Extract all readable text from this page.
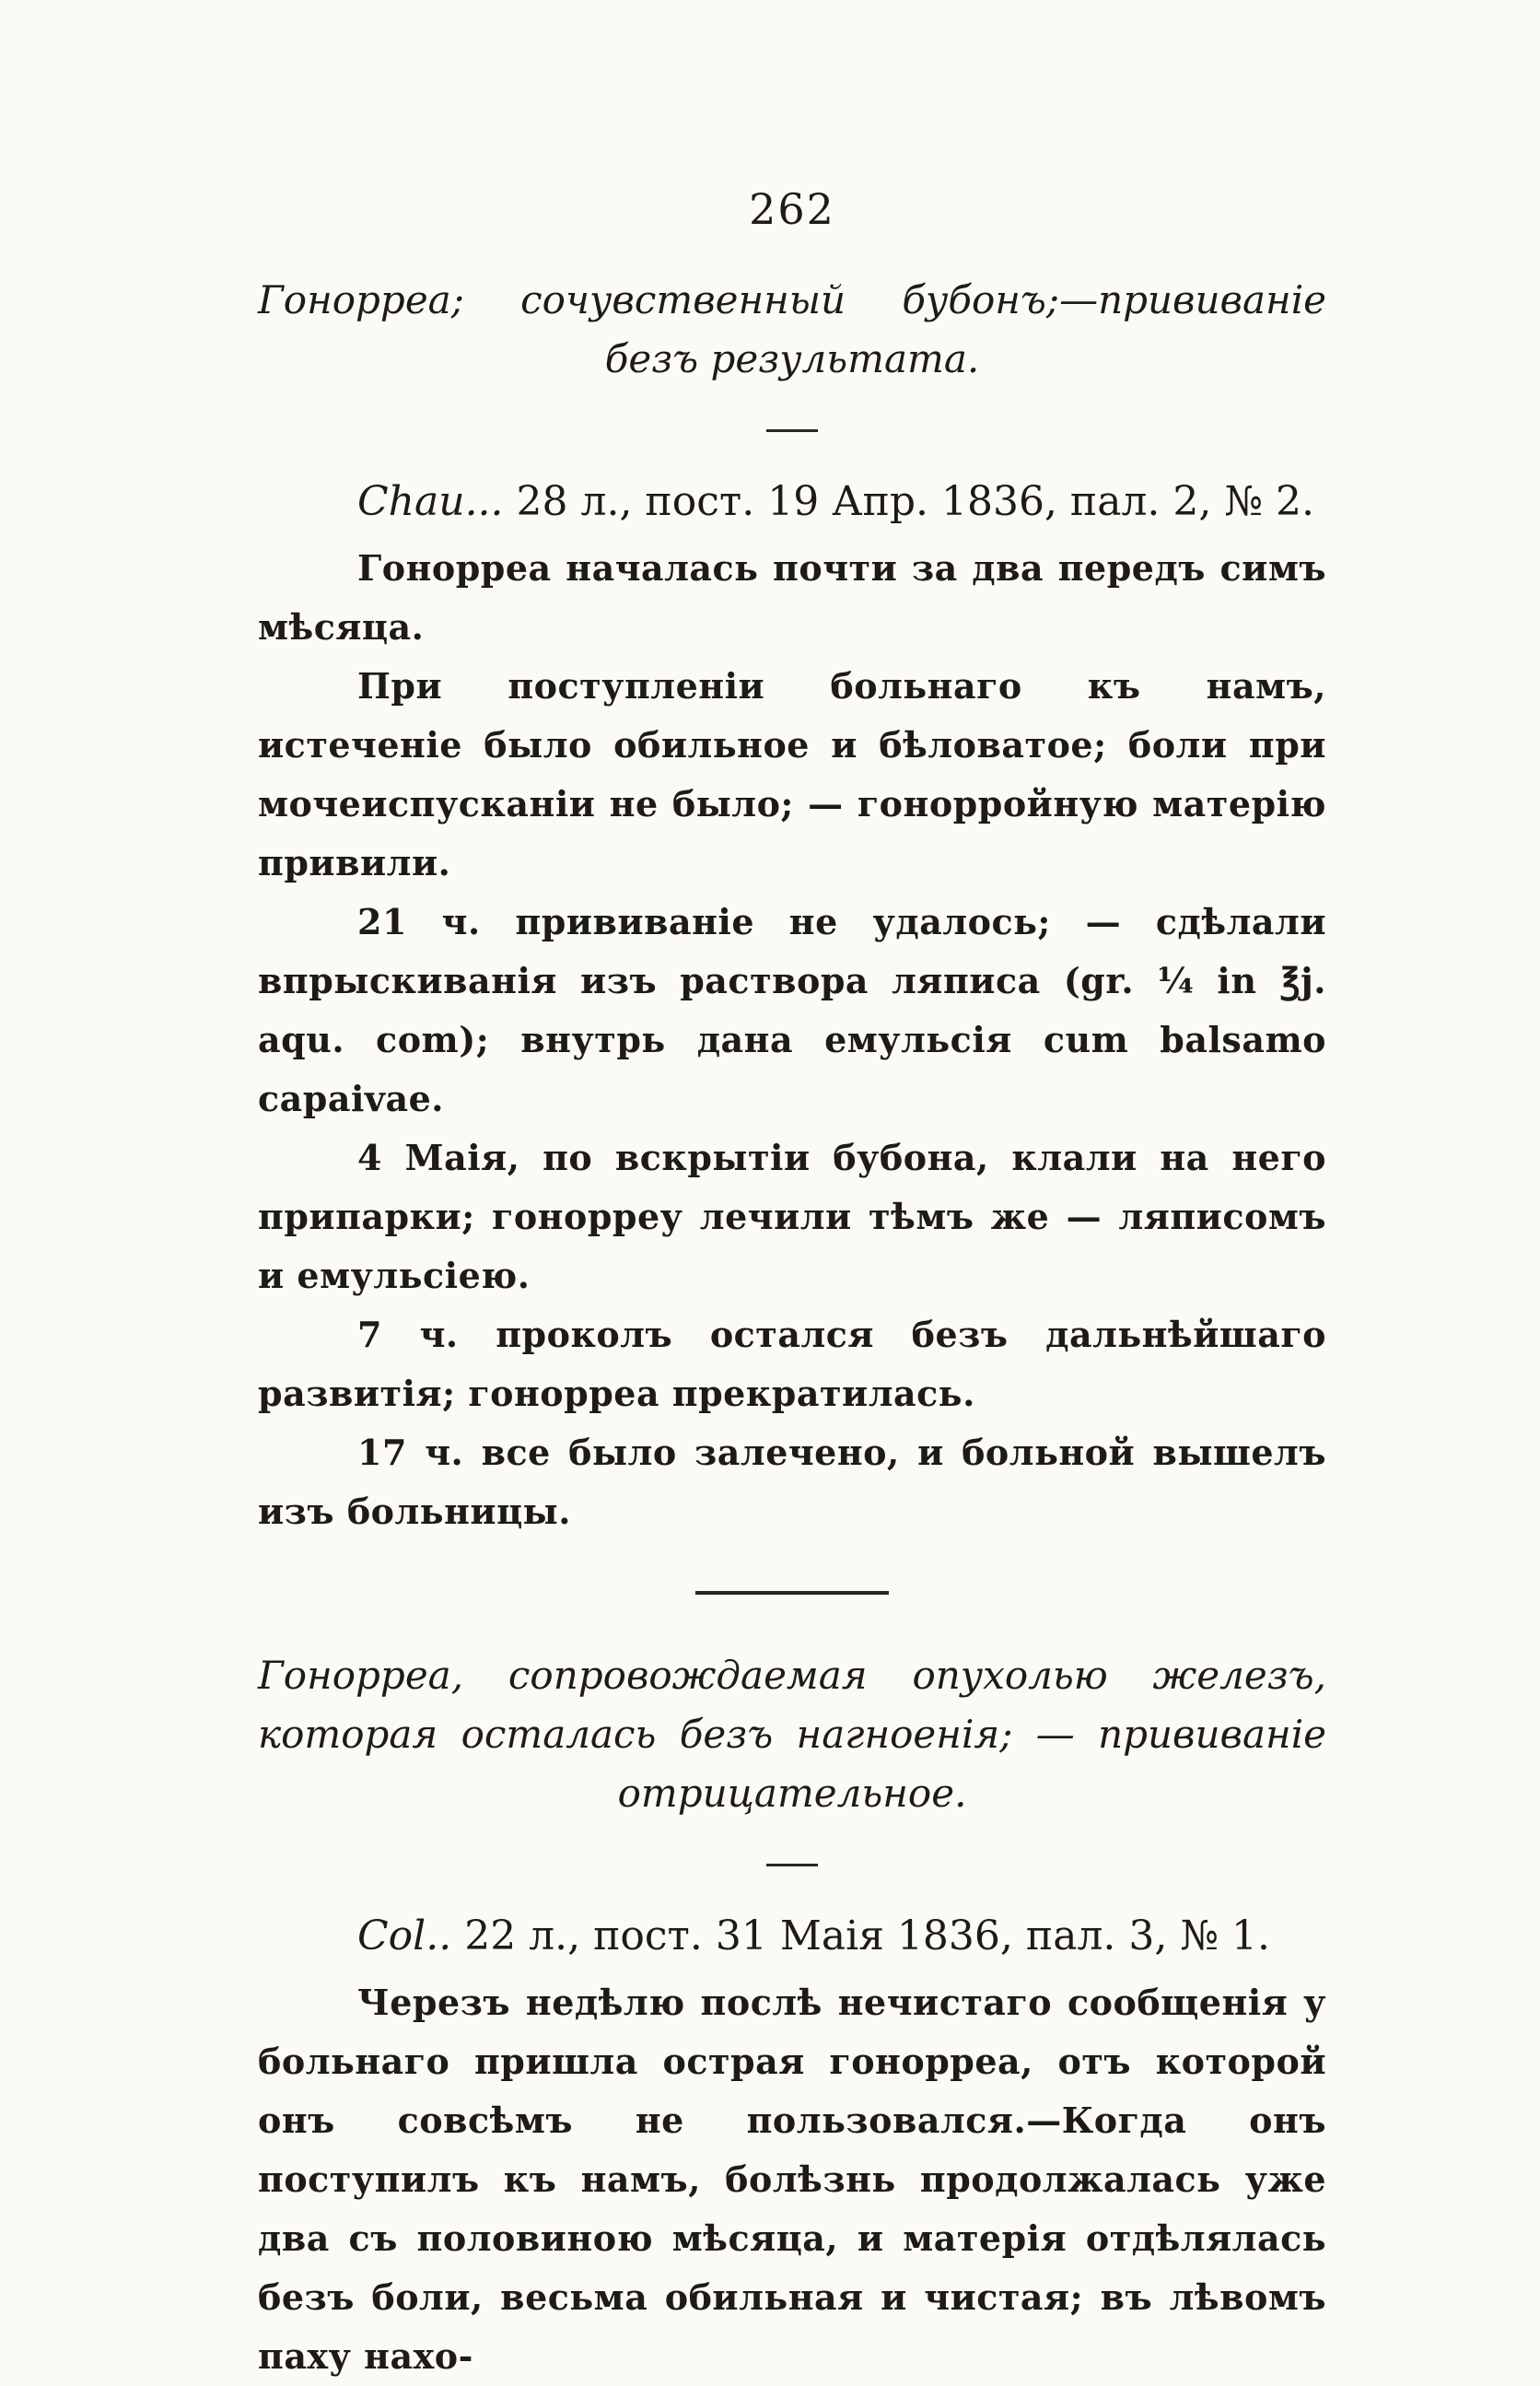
262

Гонорреа; сочувственный бубонъ;—прививаніе безъ результата.

Chau... 28 л., пост. 19 Апр. 1836, пал. 2, № 2.

Гонорреа началась почти за два передъ симъ мѣсяца.

При поступленіи больнаго къ намъ, истеченіе было обильное и бѣловатое; боли при мочеиспусканіи не было; — гонорройную матерію привили.

21 ч. прививаніе не удалось; — сдѣлали впрыскиванія изъ раствора ляписа (gr. ¼ in ℥j. aqu. com); внутрь дана емульсія cum balsamo capaivae.

4 Маія, по вскрытіи бубона, клали на него припарки; гонорреу лечили тѣмъ же — ляписомъ и емульсіею.

7 ч. проколъ остался безъ дальнѣйшаго развитія; гонорреа прекратилась.

17 ч. все было залечено, и больной вышелъ изъ больницы.

Гонорреа, сопровождаемая опухолью железъ, которая осталась безъ нагноенія; — прививаніе отрицательное.

Col.. 22 л., пост. 31 Маія 1836, пал. 3, № 1.

Черезъ недѣлю послѣ нечистаго сообщенія у больнаго пришла острая гонорреа, отъ которой онъ совсѣмъ не пользовался.—Когда онъ поступилъ къ намъ, болѣзнь продолжалась уже два съ половиною мѣсяца, и матерія отдѣлялась безъ боли, весьма обильная и чистая; въ лѣвомъ паху нахо-
